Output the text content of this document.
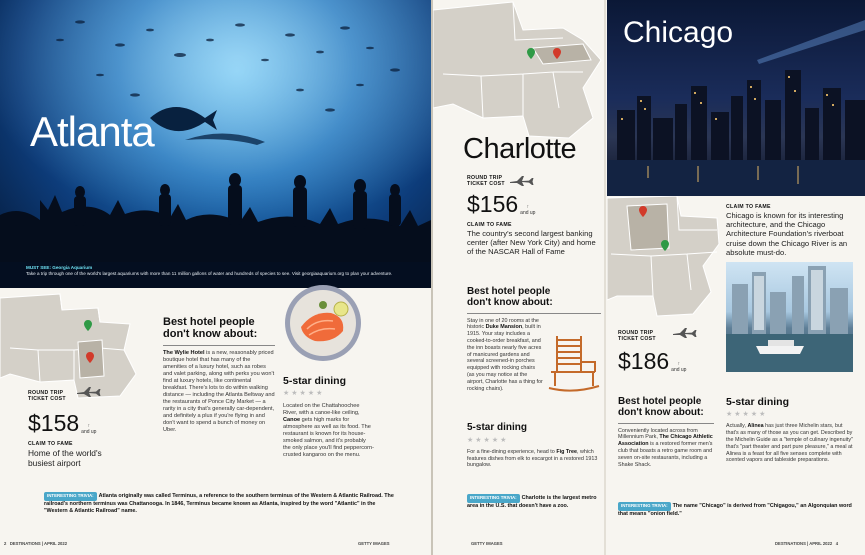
Atlanta
MUST SEE: Georgia Aquarium
Take a trip through one of the world's largest aquariums with more than 11 million gallons of water and hundreds of species to see. Visit georgiaaquarium.org to plan your adventure.
ROUND TRIP
TICKET COST
$158	↑
and up
CLAIM TO FAME
Home of the world's busiest airport
Best hotel people don't know about:
The Wylie Hotel is a new, reasonably priced boutique hotel that has many of the amenities of a luxury hotel, such as robes and valet parking, along with perks you won't find at luxury hotels, like continental breakfast. There's lots to do within walking distance — including the Atlanta Beltway and the restaurants of Ponce City Market — a rarity in a city that's generally car-dependent, and definitely a plus if you're flying in and don't want to spend a bunch of money on Uber.
5-star dining
★★★★★
Located on the Chattahoochee River, with a canoe-like ceiling, Canoe gets high marks for atmosphere as well as its food. The restaurant is known for its house-smoked salmon, and it's probably the only place you'll find peppercorn-crusted kangaroo on the menu.
INTERESTING TRIVIA: Atlanta originally was called Terminus, a reference to the southern terminus of the Western & Atlantic Railroad. The railroad's northern terminus was Chattanooga. In 1846, Terminus became known as Atlanta, inspired by the word "Atlantic" in the "Western & Atlantic Railroad" name.
2 DESTINATIONS | APRIL 2022	GETTY IMAGES
Charlotte
ROUND TRIP
TICKET COST
$156	↑
and up
CLAIM TO FAME
The country's second largest banking center (after New York City) and home of the NASCAR Hall of Fame
Best hotel people don't know about:
Stay in one of 20 rooms at the historic Duke Mansion, built in 1915. Your stay includes a cooked-to-order breakfast, and the inn boasts nearly five acres of manicured gardens and several screened-in porches equipped with rocking chairs (as you may notice at the airport, Charlotte has a thing for rocking chairs).
5-star dining
★★★★★
For a fine-dining experience, head to Fig Tree, which features dishes from elk to escargot in a restored 1913 bungalow.
INTERESTING TRIVIA: Charlotte is the largest metro area in the U.S. that doesn't have a zoo.
GETTY IMAGES
Chicago
CLAIM TO FAME
Chicago is known for its interesting architecture, and the Chicago Architecture Foundation's riverboat cruise down the Chicago River is an absolute must-do.
ROUND TRIP
TICKET COST
$186	↑
and up
Best hotel people don't know about:
Conveniently located across from Millennium Park, The Chicago Athletic Association is a restored former men's club that boasts a retro game room and seven on-site restaurants, including a Shake Shack.
5-star dining
★★★★★
Actually, Alinea has just three Michelin stars, but that's as many of those as you can get. Described by the Michelin Guide as a "temple of culinary ingenuity" that's "part theater and part pure pleasure," a meal at Alinea is a feast for all five senses complete with scented vapors and tableside preparations.
INTERESTING TRIVIA: The name "Chicago" is derived from "Chigagou," an Algonquian word that means "onion field."
DESTINATIONS | APRIL 2022 4
